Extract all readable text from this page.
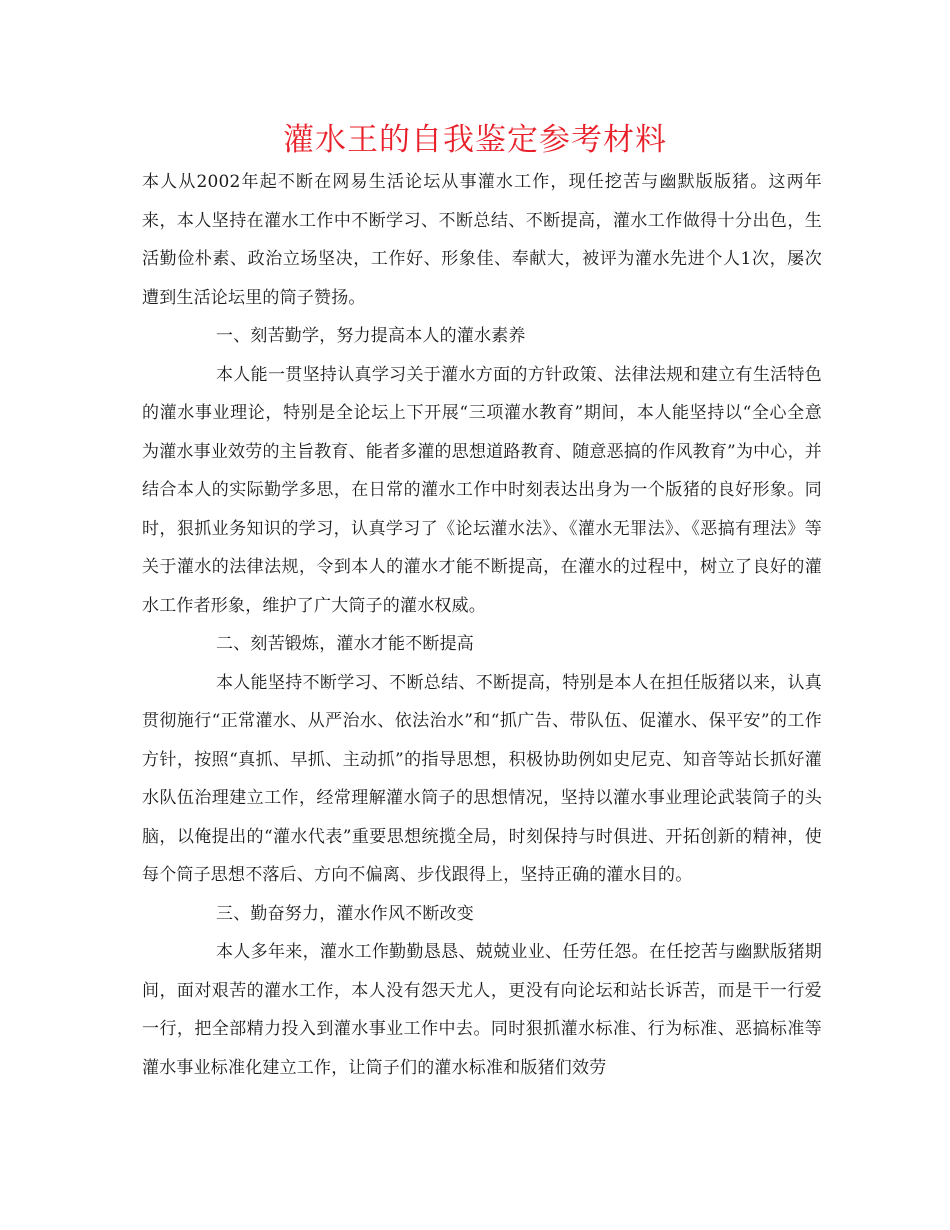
灌水王的自我鉴定参考材料

本人从2002年起不断在网易生活论坛从事灌水工作，现任挖苦与幽默版版猪。这两年来，本人坚持在灌水工作中不断学习、不断总结、不断提高，灌水工作做得十分出色，生活勤俭朴素、政治立场坚决，工作好、形象佳、奉献大，被评为灌水先进个人1次，屡次遭到生活论坛里的筒子赞扬。

一、刻苦勤学，努力提高本人的灌水素养

本人能一贯坚持认真学习关于灌水方面的方针政策、法律法规和建立有生活特色的灌水事业理论，特别是全论坛上下开展“三项灌水教育”期间，本人能坚持以“全心全意为灌水事业效劳的主旨教育、能者多灌的思想道路教育、随意恶搞的作风教育”为中心，并结合本人的实际勤学多思，在日常的灌水工作中时刻表达出身为一个版猪的良好形象。同时，狠抓业务知识的学习，认真学习了《论坛灌水法》、《灌水无罪法》、《恶搞有理法》等关于灌水的法律法规，令到本人的灌水才能不断提高，在灌水的过程中，树立了良好的灌水工作者形象，维护了广大筒子的灌水权威。

二、刻苦锻炼，灌水才能不断提高

本人能坚持不断学习、不断总结、不断提高，特别是本人在担任版猪以来，认真贯彻施行“正常灌水、从严治水、依法治水”和“抓广告、带队伍、促灌水、保平安”的工作方针，按照“真抓、早抓、主动抓”的指导思想，积极协助例如史尼克、知音等站长抓好灌水队伍治理建立工作，经常理解灌水筒子的思想情况，坚持以灌水事业理论武装筒子的头脑，以俺提出的“灌水代表”重要思想统揽全局，时刻保持与时俱进、开拓创新的精神，使每个筒子思想不落后、方向不偏离、步伐跟得上，坚持正确的灌水目的。

三、勤奋努力，灌水作风不断改变

本人多年来，灌水工作勤勤恳恳、兢兢业业、任劳任怨。在任挖苦与幽默版猪期间，面对艰苦的灌水工作，本人没有怨天尤人，更没有向论坛和站长诉苦，而是干一行爱一行，把全部精力投入到灌水事业工作中去。同时狠抓灌水标准、行为标准、恶搞标准等灌水事业标准化建立工作，让筒子们的灌水标准和版猪们效劳
